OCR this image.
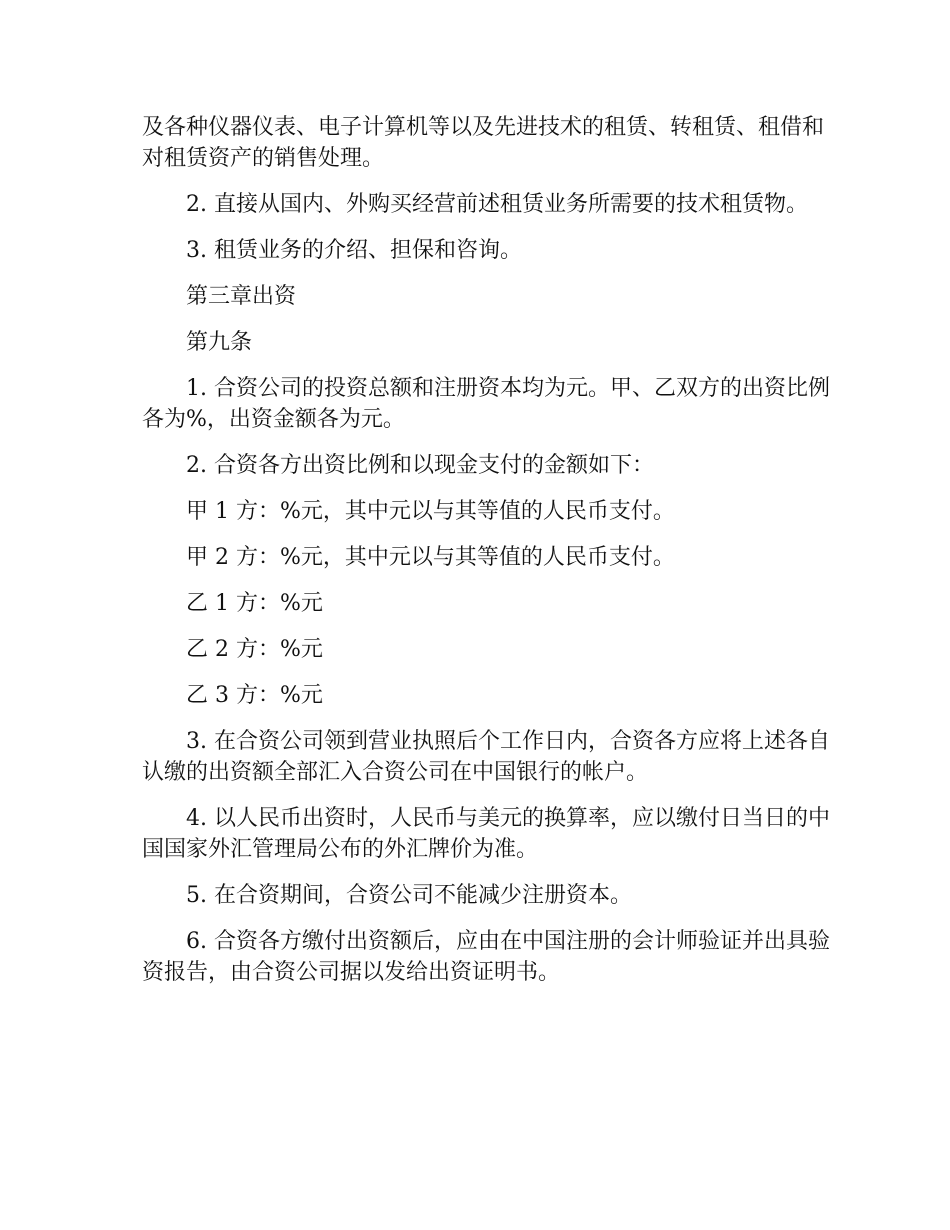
及各种仪器仪表、电子计算机等以及先进技术的租赁、转租赁、租借和对租赁资产的销售处理。

2. 直接从国内、外购买经营前述租赁业务所需要的技术租赁物。

3. 租赁业务的介绍、担保和咨询。

第三章出资

第九条

1. 合资公司的投资总额和注册资本均为元。甲、乙双方的出资比例各为%，出资金额各为元。

2. 合资各方出资比例和以现金支付的金额如下：

甲 1 方：%元，其中元以与其等值的人民币支付。

甲 2 方：%元，其中元以与其等值的人民币支付。

乙 1 方：%元

乙 2 方：%元

乙 3 方：%元

3. 在合资公司领到营业执照后个工作日内，合资各方应将上述各自认缴的出资额全部汇入合资公司在中国银行的帐户。

4. 以人民币出资时，人民币与美元的换算率，应以缴付日当日的中国国家外汇管理局公布的外汇牌价为准。

5. 在合资期间，合资公司不能减少注册资本。

6. 合资各方缴付出资额后，应由在中国注册的会计师验证并出具验资报告，由合资公司据以发给出资证明书。
